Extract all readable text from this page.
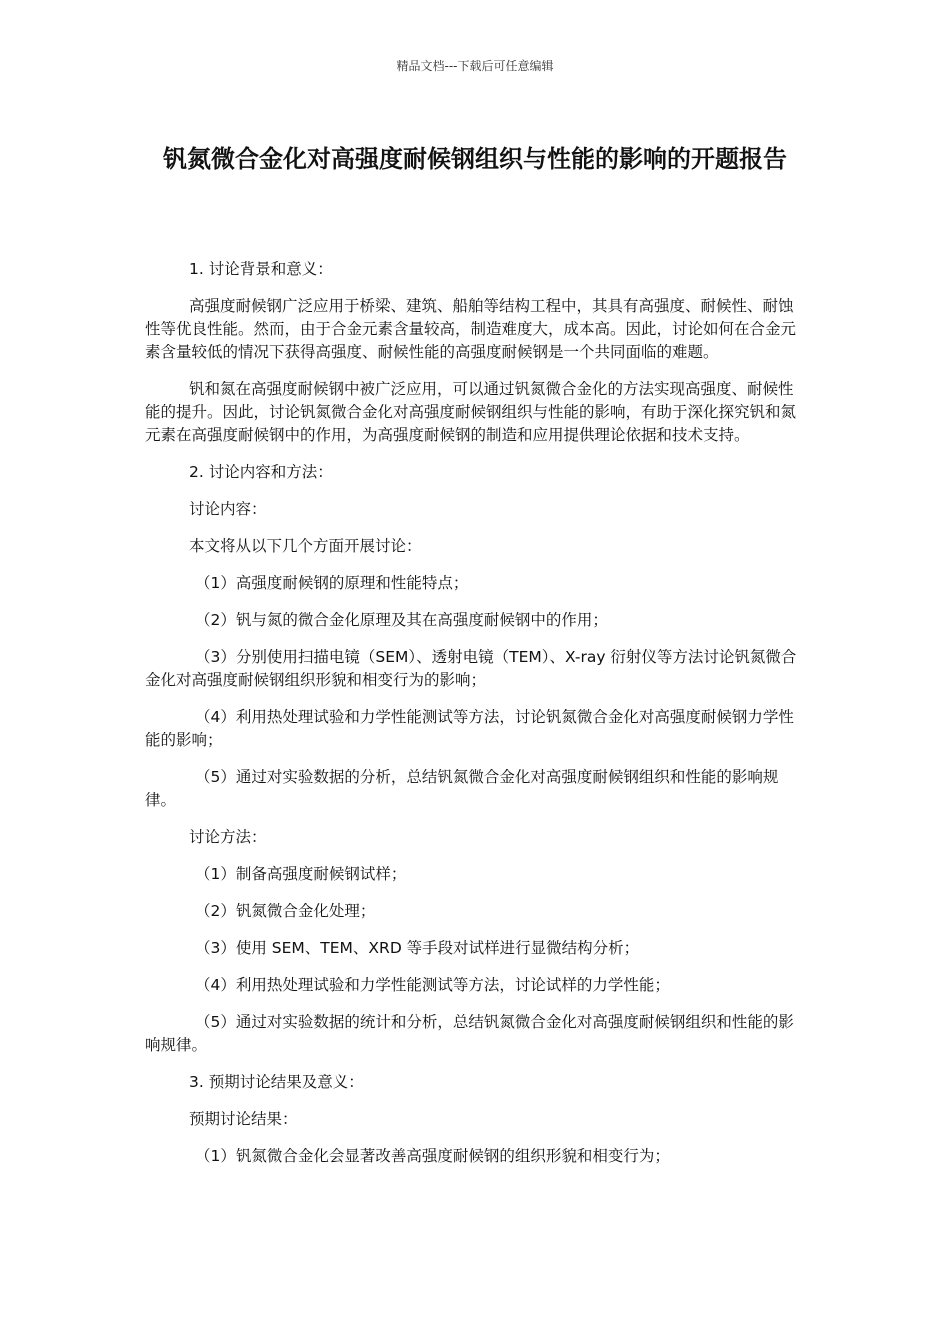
精品文档---下载后可任意编辑
钒氮微合金化对高强度耐候钢组织与性能的影响的开题报告

1. 讨论背景和意义：

高强度耐候钢广泛应用于桥梁、建筑、船舶等结构工程中，其具有高强度、耐候性、耐蚀性等优良性能。然而，由于合金元素含量较高，制造难度大，成本高。因此，讨论如何在合金元素含量较低的情况下获得高强度、耐候性能的高强度耐候钢是一个共同面临的难题。

钒和氮在高强度耐候钢中被广泛应用，可以通过钒氮微合金化的方法实现高强度、耐候性能的提升。因此，讨论钒氮微合金化对高强度耐候钢组织与性能的影响，有助于深化探究钒和氮元素在高强度耐候钢中的作用，为高强度耐候钢的制造和应用提供理论依据和技术支持。

2. 讨论内容和方法：

讨论内容：

本文将从以下几个方面开展讨论：

（1）高强度耐候钢的原理和性能特点；

（2）钒与氮的微合金化原理及其在高强度耐候钢中的作用；

（3）分别使用扫描电镜（SEM）、透射电镜（TEM）、X-ray 衍射仪等方法讨论钒氮微合金化对高强度耐候钢组织形貌和相变行为的影响；

（4）利用热处理试验和力学性能测试等方法，讨论钒氮微合金化对高强度耐候钢力学性能的影响；

（5）通过对实验数据的分析，总结钒氮微合金化对高强度耐候钢组织和性能的影响规律。

讨论方法：

（1）制备高强度耐候钢试样；

（2）钒氮微合金化处理；

（3）使用 SEM、TEM、XRD 等手段对试样进行显微结构分析；

（4）利用热处理试验和力学性能测试等方法，讨论试样的力学性能；

（5）通过对实验数据的统计和分析，总结钒氮微合金化对高强度耐候钢组织和性能的影响规律。

3. 预期讨论结果及意义：

预期讨论结果：

（1）钒氮微合金化会显著改善高强度耐候钢的组织形貌和相变行为；
